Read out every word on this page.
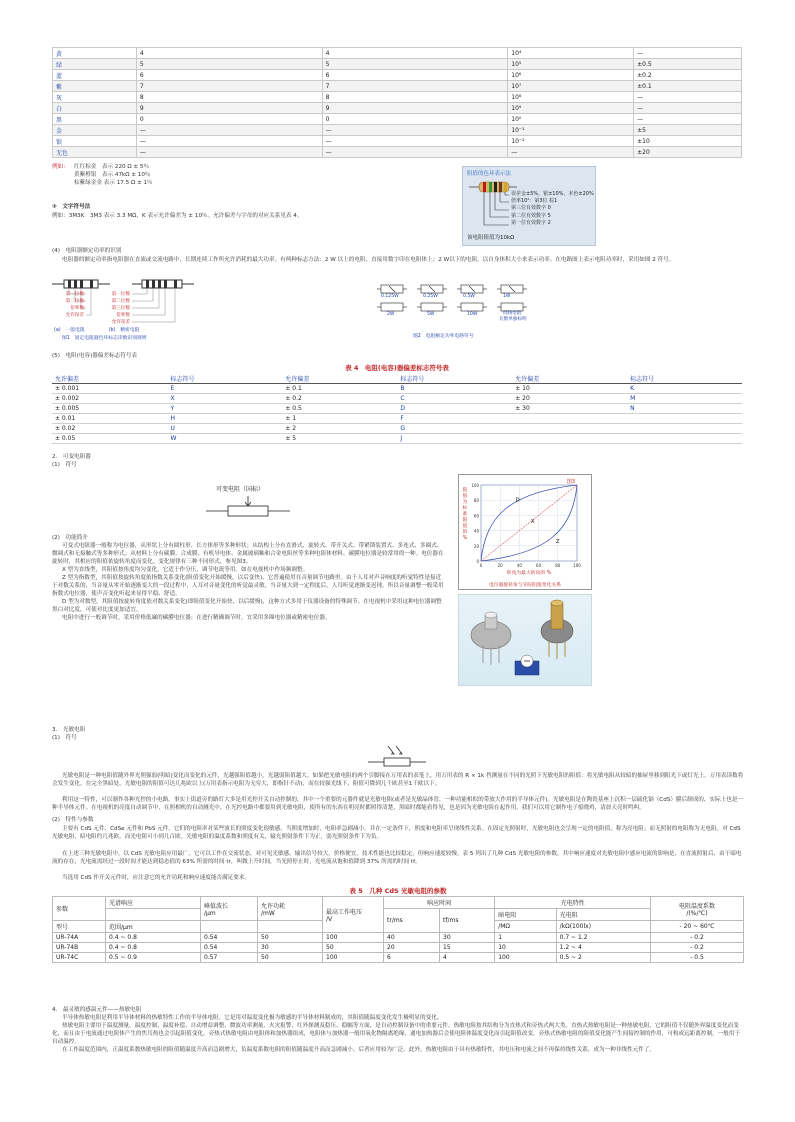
黄	4	4	10⁴	—
绿	5	5	10⁵	±0.5
蓝	6	6	10⁶	±0.2
紫	7	7	10⁷	±0.1
灰	8	8	10⁸	—
白	9	9	10⁹	—
黑	0	0	10⁰	—
金	—	—	10⁻¹	±5
银	—	—	10⁻²	±10
无色	—	—	—	±20
例如： 红红棕金　表示 220 Ω ± 5％
黄紫橙银　表示 47kΩ ± 10％
棕紫绿金金 表示 17.5 Ω ± 1％
阻值的色环表示法
误差金±5%，银±10%，本色±20%
倍率10²：第3位 棕1
第三位有效数字 0
第二位有效数字 5
第一位有效数字 2
该电阻阻值为10kΩ
③　文字符号法
例如：3M3K　3M3 表示 3.3 MΩ，K 表示允许偏差为 ± 10％。允许偏差与字母的对应关系见表 4。
(4)　电阻器额定功率的识别
电阻器的额定功率指电阻器在直流或交流电路中，长期连续工作所允许消耗的最大功率。有两种标志方法：2 W 以上的电阻，直接用数字印在电阻体上；2 W以下的电阻，以自身体积大小来表示功率。在电路图上表示电阻功率时，采用如图 2 符号。
第一位数
第二位数
倍率数
允许误差
第一位数
第二位数
第三位数
倍率数
允许误差
(a)　一般电阻　　　　　(b)　精密电阻
图1　固定电阻器色环标志读数识别规则
0.125W	0.25W	0.5W	1W
2W	5W	10W	绕线电阻
瓦数单独标明
图2　电阻额定功率电路符号
(5)　电阻(电容)器偏差标志符号表
表 4　电阻(电容)器偏差标志符号表
允许偏差	标志符号	允许偏差	标志符号	允许偏差	标志符号
± 0.001	E	± 0.1	B	± 10	K
± 0.002	X	± 0.2	C	± 20	M
± 0.005	Y	± 0.5	D	± 30	N
± 0.01	H	± 1	F		
± 0.02	U	± 2	G		
± 0.05	W	± 5	J		
2.　可变电阻器
(1)　符号
可变电阻（国标）
(2)　功能简介
可变式电阻器一般称为电位器，从形状上分有圆柱形、长方体形等多种形状；从结构上分有直滑式、旋转式、带开关式、带紧锁装置式、多连式、多圈式、微调式和无接触式等多种形式；从材料上分有碳膜、合成膜、有机导电体、金属玻璃釉和合金电阻丝等多种电阻体材料。碳膜电位器是较常用的一种。电位器在旋转时，其相应的阻值依旋转角度而变化。变化规律有三种不同形式，参见图3。
X 型为直线型，其阻值按角度均匀变化。它适于作分压、调节电流等用。如在电视机中作场频调整。
Z 型为指数型，其阻值按旋转角度依指数关系变化(阻值变化开始缓慢，以后变快)，它普遍使用在音量调节电路里。由于人耳对声音响度的听觉特性是接近于对数关系的，当音量从零开始逐渐变大的一段过程中，人耳对音量变化的听觉最灵敏，当音量大到一定程度后，人耳听觉逐渐变迟钝。所以音量调整一般采用指数式电位器，使声音变化听起来显得平稳、舒适。
D 型为对数型，其阻值按旋转角度依对数关系变化(即阻值变化开始快，以后缓慢)，这种方式多用于仪器设备的特殊调节。在电视机中采用这种电位器调整黑白对比度，可使对比度更加适宜。
电阻中进行一般调节时，采用价格低廉的碳膜电位器；在进行精确调节时，宜采用多圈电位器或精密电位器。
D
X
Z
100
80
60
40
20
0
0	20	40	60	80	100
图3
阻
值
为
标
准
阻
值
的
%
转角为最大转角的 %
电位器旋转角与实际阻值变化关系
3.　光敏电阻
(1)　符号
光敏电阻是一种电阻值随外界光照强弱(明暗)变化而变化的元件，光越强阻值越小，光越弱阻值越大。如果把光敏电阻的两个引脚接在万用表的表笔上，用万用表的 R × 1k 挡测量在不同的光照下光敏电阻的阻值：将光敏电阻从较暗的抽屉里移到阳光下或灯光上，万用表读数将会发生变化。在完全黑暗处，光敏电阻的阻值可达几兆欧以上(万用表指示电阻为无穷大，即指针不动)，而在较强光线下，阻值可降到几千欧甚至1千欧以下。
利用这一特性，可以制作各种光控的小电路。事实上街道旁的路灯大多是用光控开关自动控制的，其中一个重要的元器件就是光敏电阻(或者是光敏晶体管，一种功能相似的带放大作用的半导体元件)。光敏电阻是在陶瓷基座上沉积一层硫化镉（CdS）膜后制成的，实际上也是一种半导体元件。在电视机的亮度自动调节中，在照相机的自动测光中，在光控电路中都要用到光敏电阻，使所有的东西在明亮时都照得清楚，黑暗时都能看得见，也是因为光敏电阻在起作用。我们可以用它制作电子报晓鸡，清晨天亮时鸣叫。
(2)　特性与参数
主要有 CdS 元件、CdSe 元件和 PbS 元件。它们的电阻率对某些波长的照度变化很敏感。当照度增加时，电阻率急剧减小，并在一定条件下，照度和电阻率呈现线性关系。在固定光照射时，光敏电阻也会呈现一定的电阻值，称为亮电阻；而无照射的电阻称为无电阻。对 CdS 光敏电阻，暗电阻约几兆欧，而光电阻可小到几百欧。光敏电阻的温度系数和照度有关，输光照射条件下为正，弱光照射条件下为负。
在上述三种光敏电阻中，以 CdS 光敏电阻应用最广。它可以工作在交流状态，对可见光敏感，输出信号较大，价格便宜，技术性能也比较稳定，但响应速度较慢。表 5 列出了几种 CdS 光敏电阻的参数。其中响应速度对光敏电阻中感应电流的影响是，在直流照射后，由于暗电流的存在，光电流需经过一段时间才能达到稳态值的 63% 所需的时间 tr，叫做上升时间，当光照停止时，光电流从饱和值降到 37% 所需的时间 tf。
当选用 CdS 作开关元件时，应注意它的允许功耗和响应速度能否满足要求。
表 5　几种 CdS 光敏电阻的参数
参数	光谱响应	峰值波长
/μm	允许功耗
/mW	最高工作电压
/V	响应时间		光电特性		电阻温度系数
/(%/℃)
					tr/ms	tf/ms	暗电阻	光电阻	
型号	范围/μm						/MΩ	/kΩ(100lx)	- 20 ~ 60℃
UR-74A	0.4 ~ 0.8	0.54	50	100	40	30	1	0.7 ~ 1.2	- 0.2
UR-74B	0.4 ~ 0.8	0.54	30	50	20	15	10	1.2 ~ 4	- 0.2
UR-74C	0.5 ~ 0.9	0.57	50	100	6	4	100	0.5 ~ 2	- 0.5
4.　最灵敏的感温元件——热敏电阻
半导体热敏电阻是利用半导体材料的热敏特性工作的半导体电阻。它是用对温度变化极为敏感的半导体材料制成的，其阻值随温度变化发生极明显的变化。
热敏电阻主要用于温度测量、温度控制、温度补偿、自动增益调整、微波功率测量、火灾报警、红外探测及稳压、稳幅等方面，是自动控制设备中的重要元件。热敏电阻按其结构分为直热式和旁热式两大类。直热式热敏电阻是一种热敏电阻，它的阻值不仅随外界温度变化而变化，而且由于电流通过电阻体产生的焦耳热也会引起阻值变化。旁热式热敏电阻由电阻体和加热器组成，电阻体与加热器一般用氧化物隔离绝缘，通电加热器后会使电阻体温度变化而引起阻值改变。旁热式热敏电阻的阻值变化能产生间接控制的作用，可构成远距离控制，一般用于自动温控。
在工作温度范围内，正温度系数热敏电阻的阻值随温度升高而急剧增大，负温度系数电阻的阻值随温度升高而急剧减小。后者应用较为广泛。此外，热敏电阻由于具有热敏特性，其电压和电流之间不再保持线性关系，成为一种非线性元件了。
